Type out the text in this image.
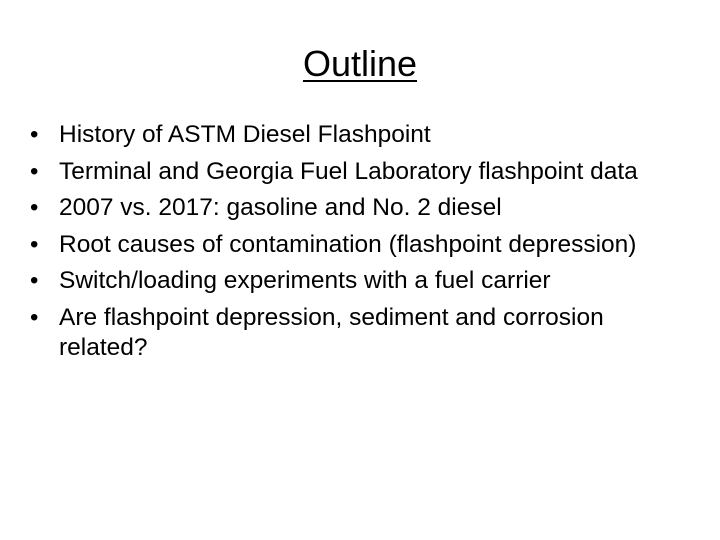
Outline
• History of ASTM Diesel Flashpoint
• Terminal and Georgia Fuel Laboratory flashpoint data
• 2007 vs. 2017: gasoline and No. 2 diesel
• Root causes of contamination (flashpoint depression)
• Switch/loading experiments with a fuel carrier
• Are flashpoint depression, sediment and corrosion related?
